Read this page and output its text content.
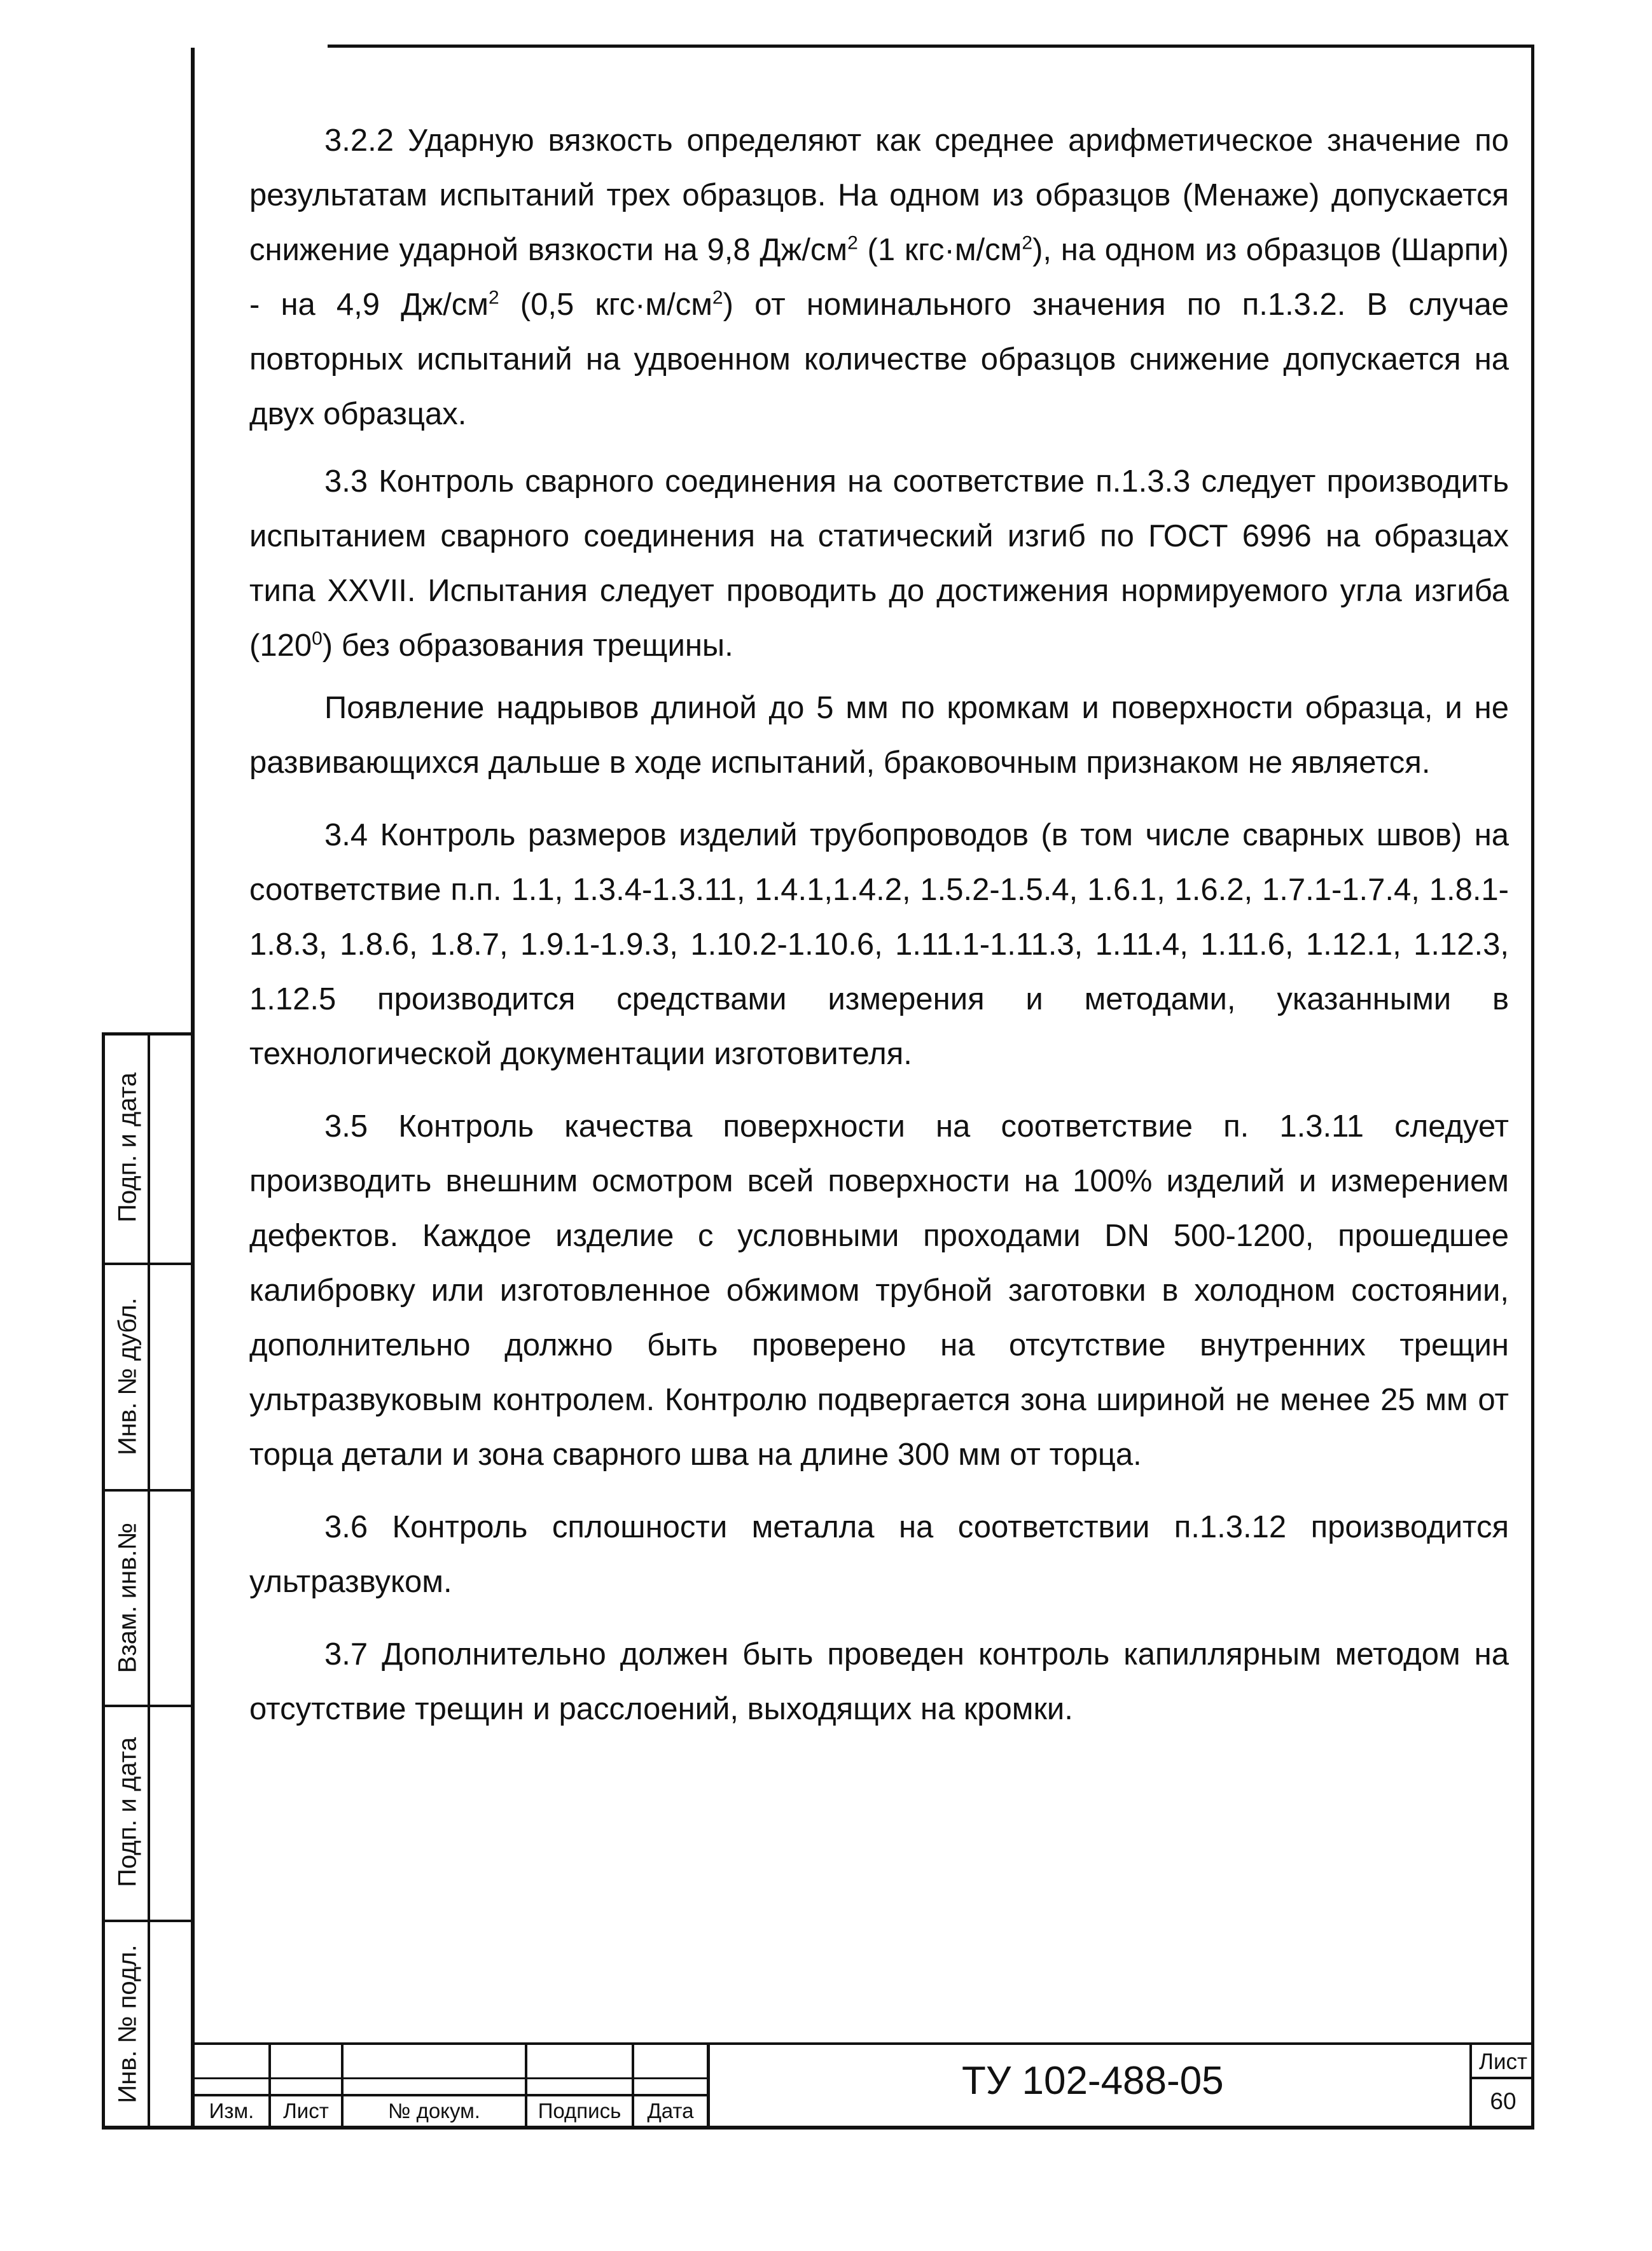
3.2.2 Ударную вязкость определяют как среднее арифметическое значение по результатам испытаний трех образцов. На одном из образцов (Менаже) допускается снижение ударной вязкости на 9,8 $Дж/см^2$ (1 $кгс\cdot м/см^2$), на одном из образцов (Шарпи) - на 4,9 $Дж/см^2$ (0,5 $кгс\cdot м/см^2$) от номинального значения по п.1.3.2. В случае повторных испытаний на удвоенном количестве образцов снижение допускается на двух образцах.

3.3 Контроль сварного соединения на соответствие п.1.3.3 следует производить испытанием сварного соединения на статический изгиб по ГОСТ 6996 на образцах типа XXVII. Испытания следует проводить до достижения нормируемого угла изгиба $(120^0)$ без образования трещины.

Появление надрывов длиной до 5 мм по кромкам и поверхности образца, и не развивающихся дальше в ходе испытаний, браковочным признаком не является.

3.4 Контроль размеров изделий трубопроводов (в том числе сварных швов) на соответствие п.п. 1.1, 1.3.4-1.3.11, 1.4.1,1.4.2, 1.5.2-1.5.4, 1.6.1, 1.6.2, 1.7.1-1.7.4, 1.8.1-1.8.3, 1.8.6, 1.8.7, 1.9.1-1.9.3, 1.10.2-1.10.6, 1.11.1-1.11.3, 1.11.4, 1.11.6, 1.12.1, 1.12.3, 1.12.5 производится средствами измерения и методами, указанными в технологической документации изготовителя.

3.5 Контроль качества поверхности на соответствие п. 1.3.11 следует производить внешним осмотром всей поверхности на 100% изделий и измерением дефектов. Каждое изделие с условными проходами DN 500-1200, прошедшее калибровку или изготовленное обжимом трубной заготовки в холодном состоянии, дополнительно должно быть проверено на отсутствие внутренних трещин ультразвуковым контролем. Контролю подвергается зона шириной не менее 25 мм от торца детали и зона сварного шва на длине 300 мм от торца.

3.6 Контроль сплошности металла на соответствии п.1.3.12 производится ультразвуком.

3.7 Дополнительно должен быть проведен контроль капиллярным методом на отсутствие трещин и расслоений, выходящих на кромки.

Подп. и дата
Инв. № дубл.
Взам. инв.№
Подп. и дата
Инв. № подл.
Изм.	Лист	№ докум.	Подпись	Дата
ТУ 102-488-05	Лист
60
